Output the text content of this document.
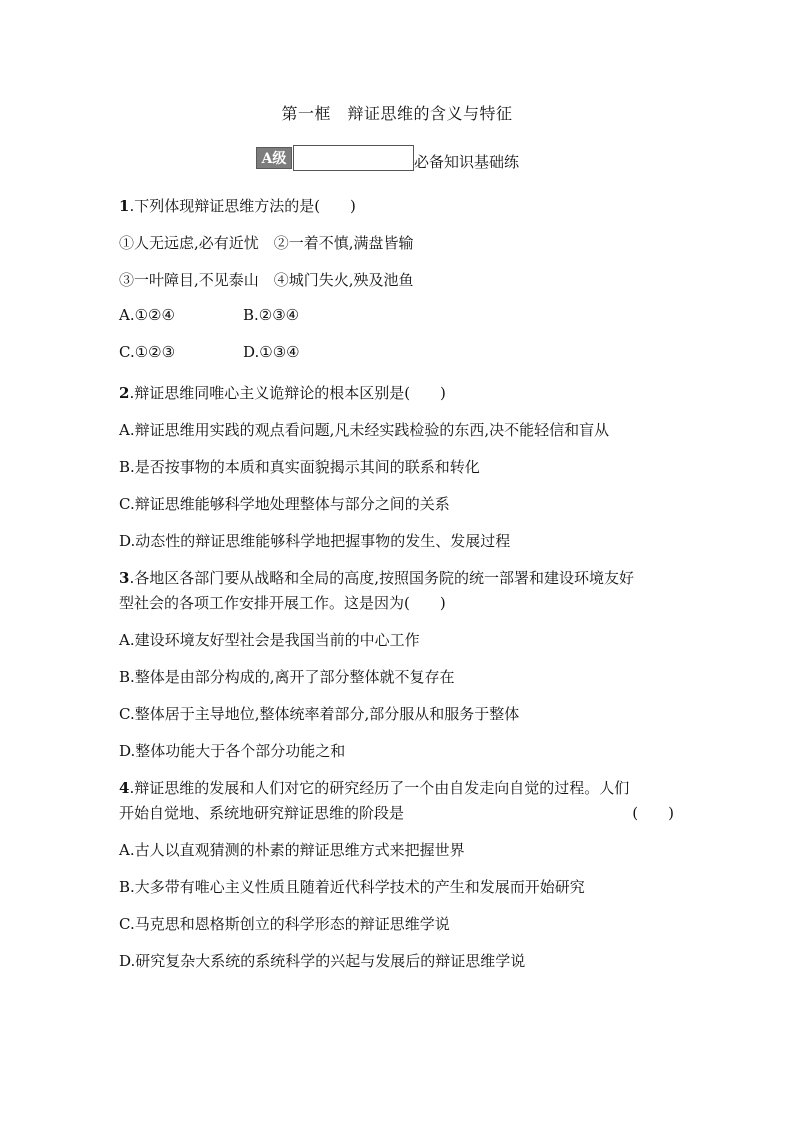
第一框　辩证思维的含义与特征
A级	必备知识基础练
1.下列体现辩证思维方法的是(　　)
①人无远虑,必有近忧　②一着不慎,满盘皆输
③一叶障目,不见泰山　④城门失火,殃及池鱼
A.①②④	B.②③④
C.①②③	D.①③④
2.辩证思维同唯心主义诡辩论的根本区别是(　　)
A.辩证思维用实践的观点看问题,凡未经实践检验的东西,决不能轻信和盲从
B.是否按事物的本质和真实面貌揭示其间的联系和转化
C.辩证思维能够科学地处理整体与部分之间的关系
D.动态性的辩证思维能够科学地把握事物的发生、发展过程
3.各地区各部门要从战略和全局的高度,按照国务院的统一部署和建设环境友好
型社会的各项工作安排开展工作。这是因为(　　)
A.建设环境友好型社会是我国当前的中心工作
B.整体是由部分构成的,离开了部分整体就不复存在
C.整体居于主导地位,整体统率着部分,部分服从和服务于整体
D.整体功能大于各个部分功能之和
4.辩证思维的发展和人们对它的研究经历了一个由自发走向自觉的过程。人们
开始自觉地、系统地研究辩证思维的阶段是	(　　)
A.古人以直观猜测的朴素的辩证思维方式来把握世界
B.大多带有唯心主义性质且随着近代科学技术的产生和发展而开始研究
C.马克思和恩格斯创立的科学形态的辩证思维学说
D.研究复杂大系统的系统科学的兴起与发展后的辩证思维学说
